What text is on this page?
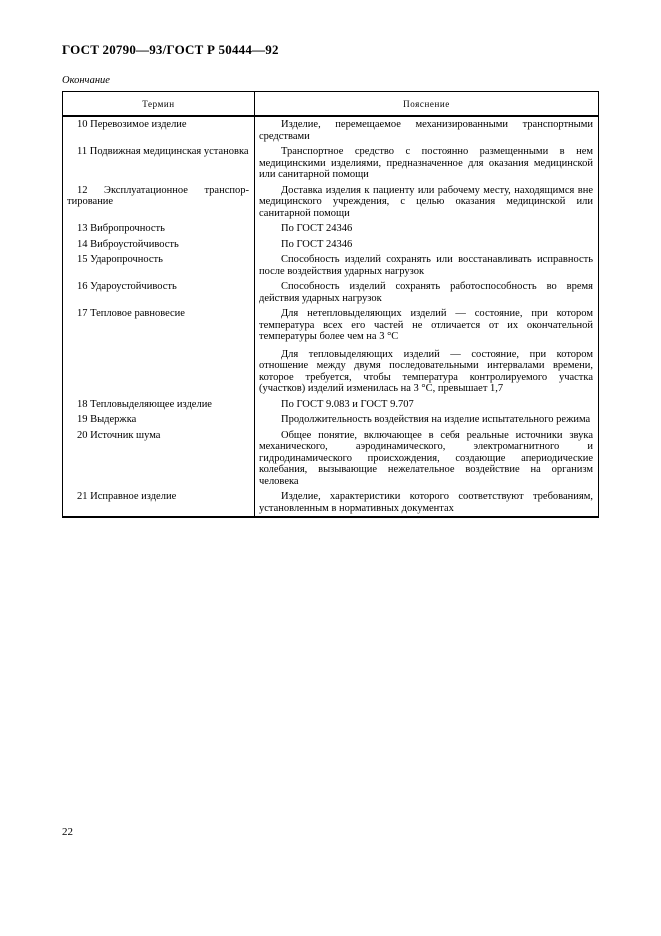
ГОСТ 20790—93/ГОСТ Р 50444—92

Окончание

Термин	Пояснение

10 Перевозимое изделие	Изделие, перемещаемое механизированными транспортными средствами

11 Подвижная медицинская установка	Транспортное средство с постоянно размещенными в нем медицинскими изделиями, предназначенное для оказания медицинской или санитарной помощи

12 Эксплуатационное транспор-тирование	Доставка изделия к пациенту или рабочему месту, находящимся вне медицинского учреждения, с целью оказания медицинской или санитарной помощи

13 Вибропрочность	По ГОСТ 24346

14 Виброустойчивость	По ГОСТ 24346

15 Ударопрочность	Способность изделий сохранять или восстанавливать исправность после воздействия ударных нагрузок

16 Удароустойчивость	Способность изделий сохранять работоспособность во время действия ударных нагрузок

17 Тепловое равновесие	Для нетепловыделяющих изделий — состояние, при котором температура всех его частей не отличается от их окончательной температуры более чем на 3 °С

Для тепловыделяющих изделий — состояние, при котором отношение между двумя последовательными интервалами времени, которое требуется, чтобы температура контролируемого участка (участков) изделий изменилась на 3 °С, превышает 1,7

18 Тепловыделяющее изделие	По ГОСТ 9.083 и ГОСТ 9.707

19 Выдержка	Продолжительность воздействия на изделие испытательного режима

20 Источник шума	Общее понятие, включающее в себя реальные источники звука механического, аэродинамического, электромагнитного и гидродинамического происхождения, создающие апериодические колебания, вызывающие нежелательное воздействие на организм человека

21 Исправное изделие	Изделие, характеристики которого соответствуют требованиям, установленным в нормативных документах

22
